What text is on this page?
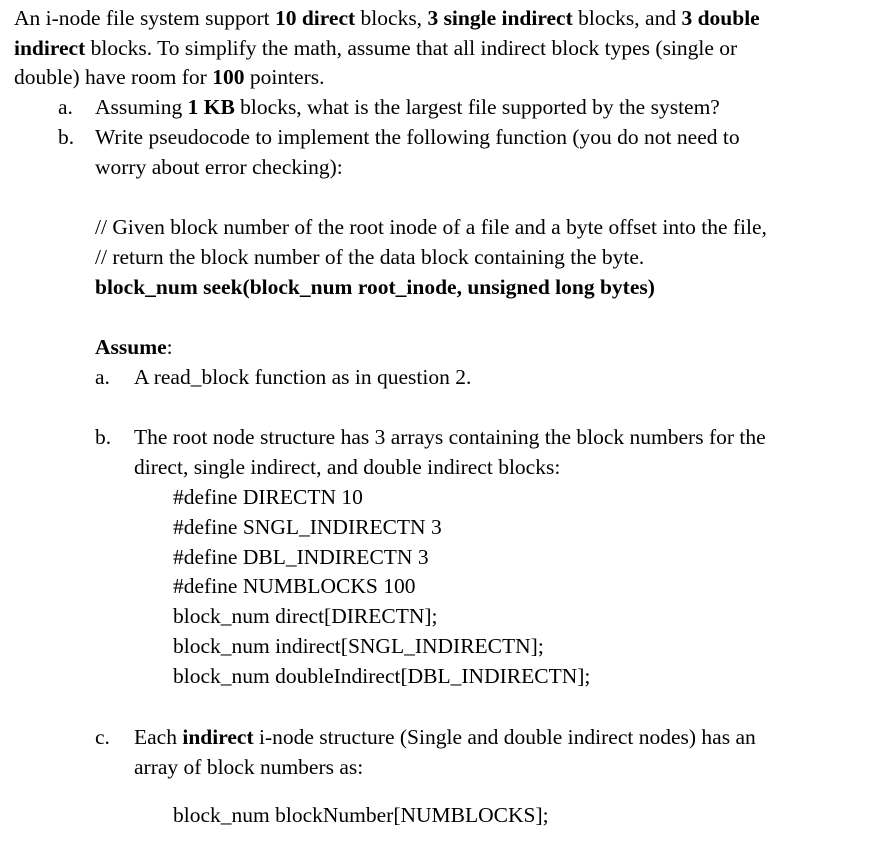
An i-node file system support 10 direct blocks, 3 single indirect blocks, and 3 double
indirect blocks. To simplify the math, assume that all indirect block types (single or
double) have room for 100 pointers.
a. Assuming 1 KB blocks, what is the largest file supported by the system?
b. Write pseudocode to implement the following function (you do not need to
worry about error checking):
// Given block number of the root inode of a file and a byte offset into the file,
// return the block number of the data block containing the byte.
block_num seek(block_num root_inode, unsigned long bytes)
Assume:
a. A read_block function as in question 2.
b. The root node structure has 3 arrays containing the block numbers for the
direct, single indirect, and double indirect blocks:
#define DIRECTN 10
#define SNGL_INDIRECTN 3
#define DBL_INDIRECTN 3
#define NUMBLOCKS 100
block_num direct[DIRECTN];
block_num indirect[SNGL_INDIRECTN];
block_num doubleIndirect[DBL_INDIRECTN];
c. Each indirect i-node structure (Single and double indirect nodes) has an
array of block numbers as:
block_num blockNumber[NUMBLOCKS];
